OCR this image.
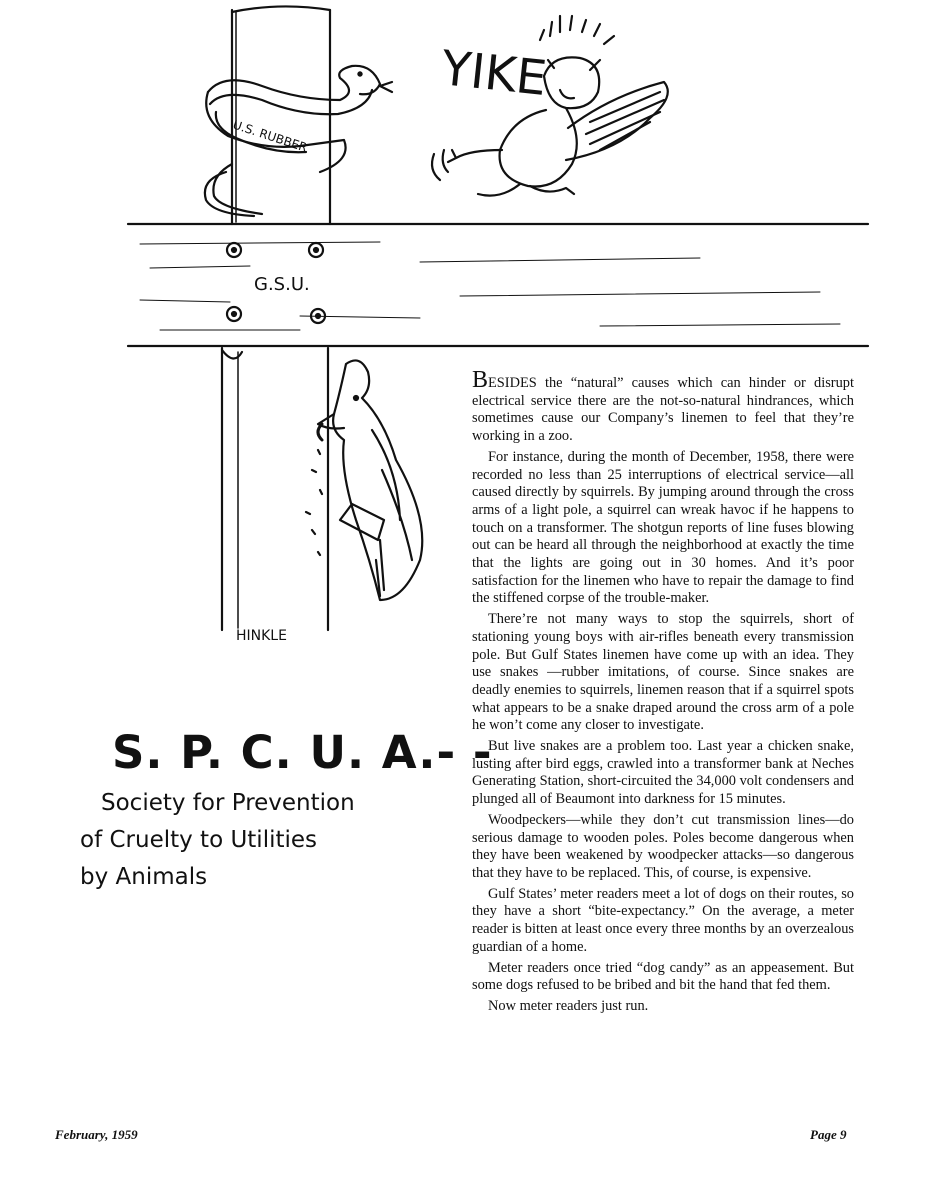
YIKE
U.S. RUBBER
G.S.U.
HINKLE
S. P. C. U. A.- -
Society for Prevention
of Cruelty to Utilities
by Animals

BESIDES the “natural” causes which can hinder or disrupt electrical service there are the not-so-natural hindrances, which sometimes cause our Company’s linemen to feel that they’re working in a zoo.

For instance, during the month of December, 1958, there were recorded no less than 25 interruptions of electrical service—all caused directly by squirrels. By jumping around through the cross arms of a light pole, a squirrel can wreak havoc if he happens to touch on a transformer. The shotgun reports of line fuses blowing out can be heard all through the neighborhood at exactly the time that the lights are going out in 30 homes. And it’s poor satisfaction for the linemen who have to repair the damage to find the stiffened corpse of the trouble-maker.

There’re not many ways to stop the squirrels, short of stationing young boys with air-rifles beneath every transmission pole. But Gulf States linemen have come up with an idea. They use snakes —rubber imitations, of course. Since snakes are deadly enemies to squirrels, linemen reason that if a squirrel spots what appears to be a snake draped around the cross arm of a pole he won’t come any closer to investigate.

But live snakes are a problem too. Last year a chicken snake, lusting after bird eggs, crawled into a transformer bank at Neches Generating Station, short-circuited the 34,000 volt condensers and plunged all of Beaumont into darkness for 15 minutes.

Woodpeckers—while they don’t cut transmission lines—do serious damage to wooden poles. Poles become dangerous when they have been weakened by woodpecker attacks—so dangerous that they have to be replaced. This, of course, is expensive.

Gulf States’ meter readers meet a lot of dogs on their routes, so they have a short “bite-expectancy.” On the average, a meter reader is bitten at least once every three months by an overzealous guardian of a home.

Meter readers once tried “dog candy” as an appeasement. But some dogs refused to be bribed and bit the hand that fed them.

Now meter readers just run.

February, 1959	Page 9
